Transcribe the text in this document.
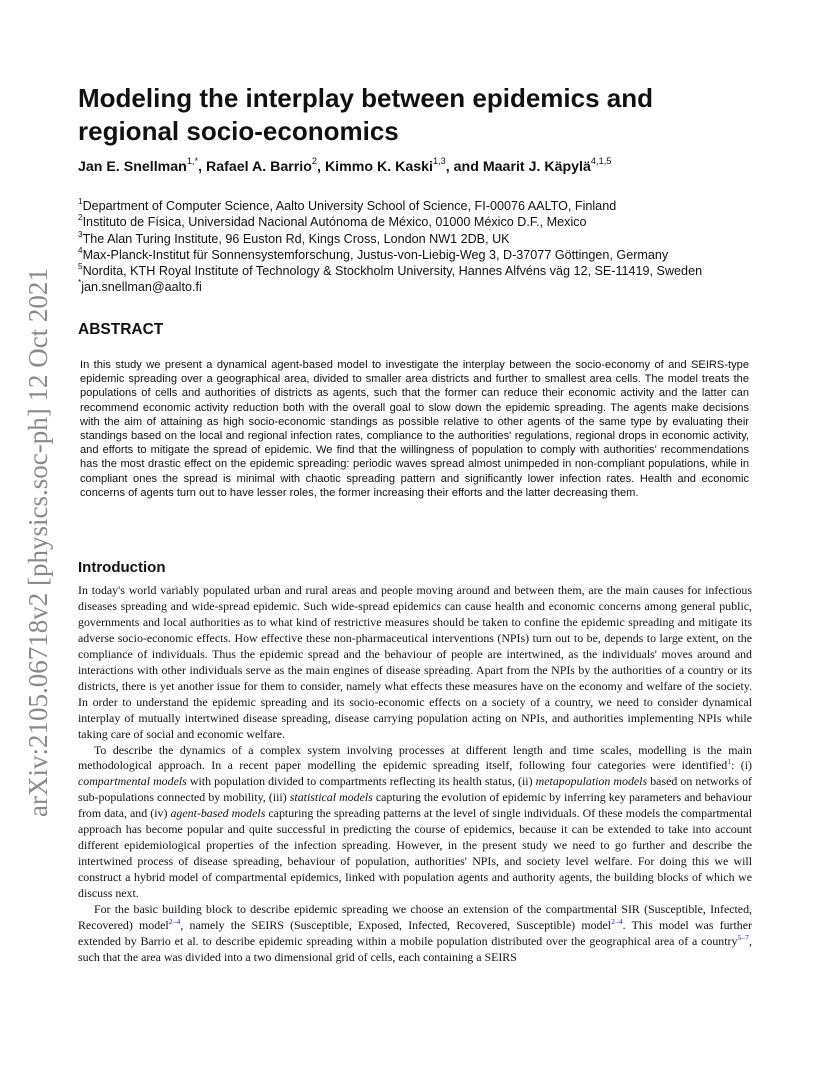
arXiv:2105.06718v2 [physics.soc-ph] 12 Oct 2021
Modeling the interplay between epidemics and regional socio-economics
Jan E. Snellman$^{1,*}$, Rafael A. Barrio$^2$, Kimmo K. Kaski$^{1,3}$, and Maarit J. Käpylä$^{4,1,5}$
$^1$Department of Computer Science, Aalto University School of Science, FI-00076 AALTO, Finland
$^2$Instituto de Física, Universidad Nacional Autónoma de México, 01000 México D.F., Mexico
$^3$The Alan Turing Institute, 96 Euston Rd, Kings Cross, London NW1 2DB, UK
$^4$Max-Planck-Institut für Sonnensystemforschung, Justus-von-Liebig-Weg 3, D-37077 Göttingen, Germany
$^5$Nordita, KTH Royal Institute of Technology & Stockholm University, Hannes Alfvéns väg 12, SE-11419, Sweden
*jan.snellman@aalto.fi
ABSTRACT
In this study we present a dynamical agent-based model to investigate the interplay between the socio-economy of and SEIRS-type epidemic spreading over a geographical area, divided to smaller area districts and further to smallest area cells. The model treats the populations of cells and authorities of districts as agents, such that the former can reduce their economic activity and the latter can recommend economic activity reduction both with the overall goal to slow down the epidemic spreading. The agents make decisions with the aim of attaining as high socio-economic standings as possible relative to other agents of the same type by evaluating their standings based on the local and regional infection rates, compliance to the authorities' regulations, regional drops in economic activity, and efforts to mitigate the spread of epidemic. We find that the willingness of population to comply with authorities' recommendations has the most drastic effect on the epidemic spreading: periodic waves spread almost unimpeded in non-compliant populations, while in compliant ones the spread is minimal with chaotic spreading pattern and significantly lower infection rates. Health and economic concerns of agents turn out to have lesser roles, the former increasing their efforts and the latter decreasing them.
Introduction

In today's world variably populated urban and rural areas and people moving around and between them, are the main causes for infectious diseases spreading and wide-spread epidemic. Such wide-spread epidemics can cause health and economic concerns among general public, governments and local authorities as to what kind of restrictive measures should be taken to confine the epidemic spreading and mitigate its adverse socio-economic effects. How effective these non-pharmaceutical interventions (NPIs) turn out to be, depends to large extent, on the compliance of individuals. Thus the epidemic spread and the behaviour of people are intertwined, as the individuals' moves around and interactions with other individuals serve as the main engines of disease spreading. Apart from the NPIs by the authorities of a country or its districts, there is yet another issue for them to consider, namely what effects these measures have on the economy and welfare of the society. In order to understand the epidemic spreading and its socio-economic effects on a society of a country, we need to consider dynamical interplay of mutually intertwined disease spreading, disease carrying population acting on NPIs, and authorities implementing NPIs while taking care of social and economic welfare.

To describe the dynamics of a complex system involving processes at different length and time scales, modelling is the main methodological approach. In a recent paper modelling the epidemic spreading itself, following four categories were identified$^1$: (i) compartmental models with population divided to compartments reflecting its health status, (ii) metapopulation models based on networks of sub-populations connected by mobility, (iii) statistical models capturing the evolution of epidemic by inferring key parameters and behaviour from data, and (iv) agent-based models capturing the spreading patterns at the level of single individuals. Of these models the compartmental approach has become popular and quite successful in predicting the course of epidemics, because it can be extended to take into account different epidemiological properties of the infection spreading. However, in the present study we need to go further and describe the intertwined process of disease spreading, behaviour of population, authorities' NPIs, and society level welfare. For doing this we will construct a hybrid model of compartmental epidemics, linked with population agents and authority agents, the building blocks of which we discuss next.

For the basic building block to describe epidemic spreading we choose an extension of the compartmental SIR (Susceptible, Infected, Recovered) model$^{2-4}$, namely the SEIRS (Susceptible, Exposed, Infected, Recovered, Susceptible) model$^{2-4}$. This model was further extended by Barrio et al. to describe epidemic spreading within a mobile population distributed over the geographical area of a country$^{5-7}$, such that the area was divided into a two dimensional grid of cells, each containing a SEIRS
